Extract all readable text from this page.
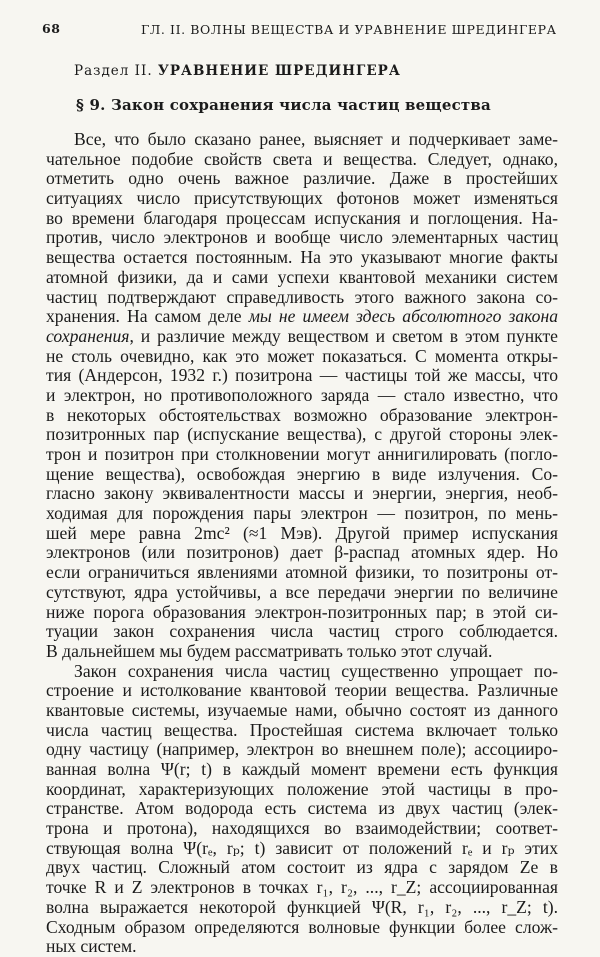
68	ГЛ. II. ВОЛНЫ ВЕЩЕСТВА И УРАВНЕНИЕ ШРЕДИНГЕРА
Раздел II. УРАВНЕНИЕ ШРЕДИНГЕРА
§ 9. Закон сохранения числа частиц вещества
Все, что было сказано ранее, выясняет и подчеркивает заме-
чательное подобие свойств света и вещества. Следует, однако,
отметить одно очень важное различие. Даже в простейших
ситуациях число присутствующих фотонов может изменяться
во времени благодаря процессам испускания и поглощения. На-
против, число электронов и вообще число элементарных частиц
вещества остается постоянным. На это указывают многие факты
атомной физики, да и сами успехи квантовой механики систем
частиц подтверждают справедливость этого важного закона со-
хранения. На самом деле мы не имеем здесь абсолютного закона
сохранения, и различие между веществом и светом в этом пункте
не столь очевидно, как это может показаться. С момента откры-
тия (Андерсон, 1932 г.) позитрона — частицы той же массы, что
и электрон, но противоположного заряда — стало известно, что
в некоторых обстоятельствах возможно образование электрон-
позитронных пар (испускание вещества), с другой стороны элек-
трон и позитрон при столкновении могут аннигилировать (погло-
щение вещества), освобождая энергию в виде излучения. Со-
гласно закону эквивалентности массы и энергии, энергия, необ-
ходимая для порождения пары электрон — позитрон, по мень-
шей мере равна 2mc² (≈1 Мэв). Другой пример испускания
электронов (или позитронов) дает β-распад атомных ядер. Но
если ограничиться явлениями атомной физики, то позитроны от-
сутствуют, ядра устойчивы, а все передачи энергии по величине
ниже порога образования электрон-позитронных пар; в этой си-
туации закон сохранения числа частиц строго соблюдается.
В дальнейшем мы будем рассматривать только этот случай.
Закон сохранения числа частиц существенно упрощает по-
строение и истолкование квантовой теории вещества. Различные
квантовые системы, изучаемые нами, обычно состоят из данного
числа частиц вещества. Простейшая система включает только
одну частицу (например, электрон во внешнем поле); ассоцииро-
ванная волна Ψ(r; t) в каждый момент времени есть функция
координат, характеризующих положение этой частицы в про-
странстве. Атом водорода есть система из двух частиц (элек-
трона и протона), находящихся во взаимодействии; соответ-
ствующая волна Ψ(rₑ, rₚ; t) зависит от положений rₑ и rₚ этих
двух частиц. Сложный атом состоит из ядра с зарядом Ze в
точке R и Z электронов в точках r₁, r₂, ..., r_Z; ассоциированная
волна выражается некоторой функцией Ψ(R, r₁, r₂, ..., r_Z; t).
Сходным образом определяются волновые функции более слож-
ных систем.
